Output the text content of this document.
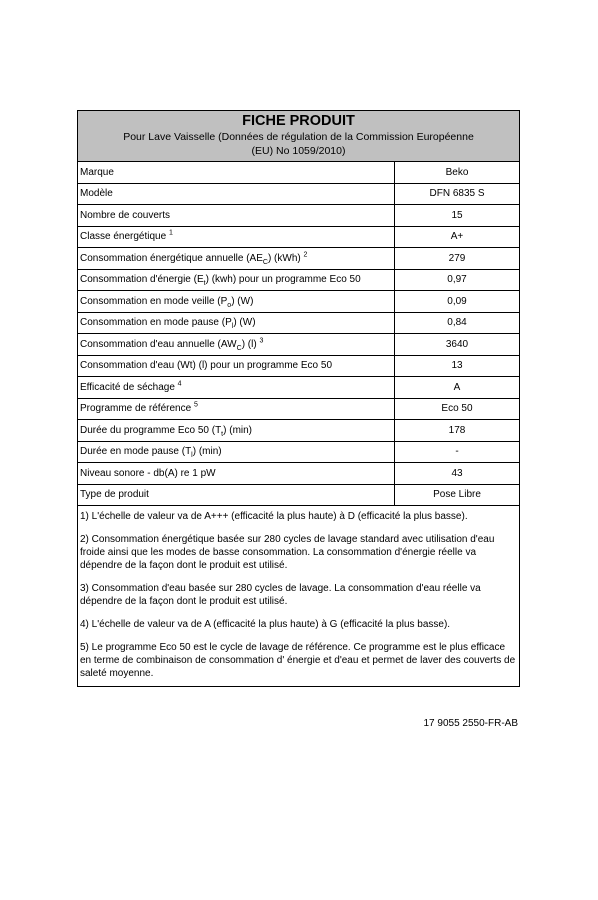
FICHE PRODUIT
Pour Lave Vaisselle (Données de régulation de la Commission Européenne
(EU) No 1059/2010)
Marque	Beko
Modèle	DFN 6835 S
Nombre de couverts	15
Classe énergétique $^1$	A+
Consommation énergétique annuelle $(AE_C)$ (kWh) $^2$	279
Consommation d'énergie $(E_t)$ (kwh) pour un programme Eco 50	0,97
Consommation en mode veille $(P_o)$ (W)	0,09
Consommation en mode pause $(P_l)$ (W)	0,84
Consommation d'eau annuelle $(AW_C)$ (l) $^3$	3640
Consommation d'eau (Wt) (l) pour un programme Eco 50	13
Efficacité de séchage $^4$	A
Programme de référence $^5$	Eco 50
Durée du programme Eco 50 $(T_t)$ (min)	178
Durée en mode pause $(T_l)$ (min)	-
Niveau sonore - db(A) re 1 pW	43
Type de produit	Pose Libre

1) L'échelle de valeur va de A+++ (efficacité la plus haute) à D (efficacité la plus basse).

2) Consommation énergétique basée sur 280 cycles de lavage standard avec utilisation d'eau froide ainsi que les modes de basse consommation. La consommation d'énergie réelle va dépendre de la façon dont le produit est utilisé.

3) Consommation d'eau basée sur 280 cycles de lavage. La consommation d'eau réelle va dépendre de la façon dont le produit est utilisé.

4) L'échelle de valeur va de A (efficacité la plus haute) à G (efficacité la plus basse).

5) Le programme Eco 50 est le cycle de lavage de référence. Ce programme est le plus efficace en terme de combinaison de consommation d' énergie et d'eau et permet de laver des couverts de saleté moyenne.

17 9055 2550-FR-AB
